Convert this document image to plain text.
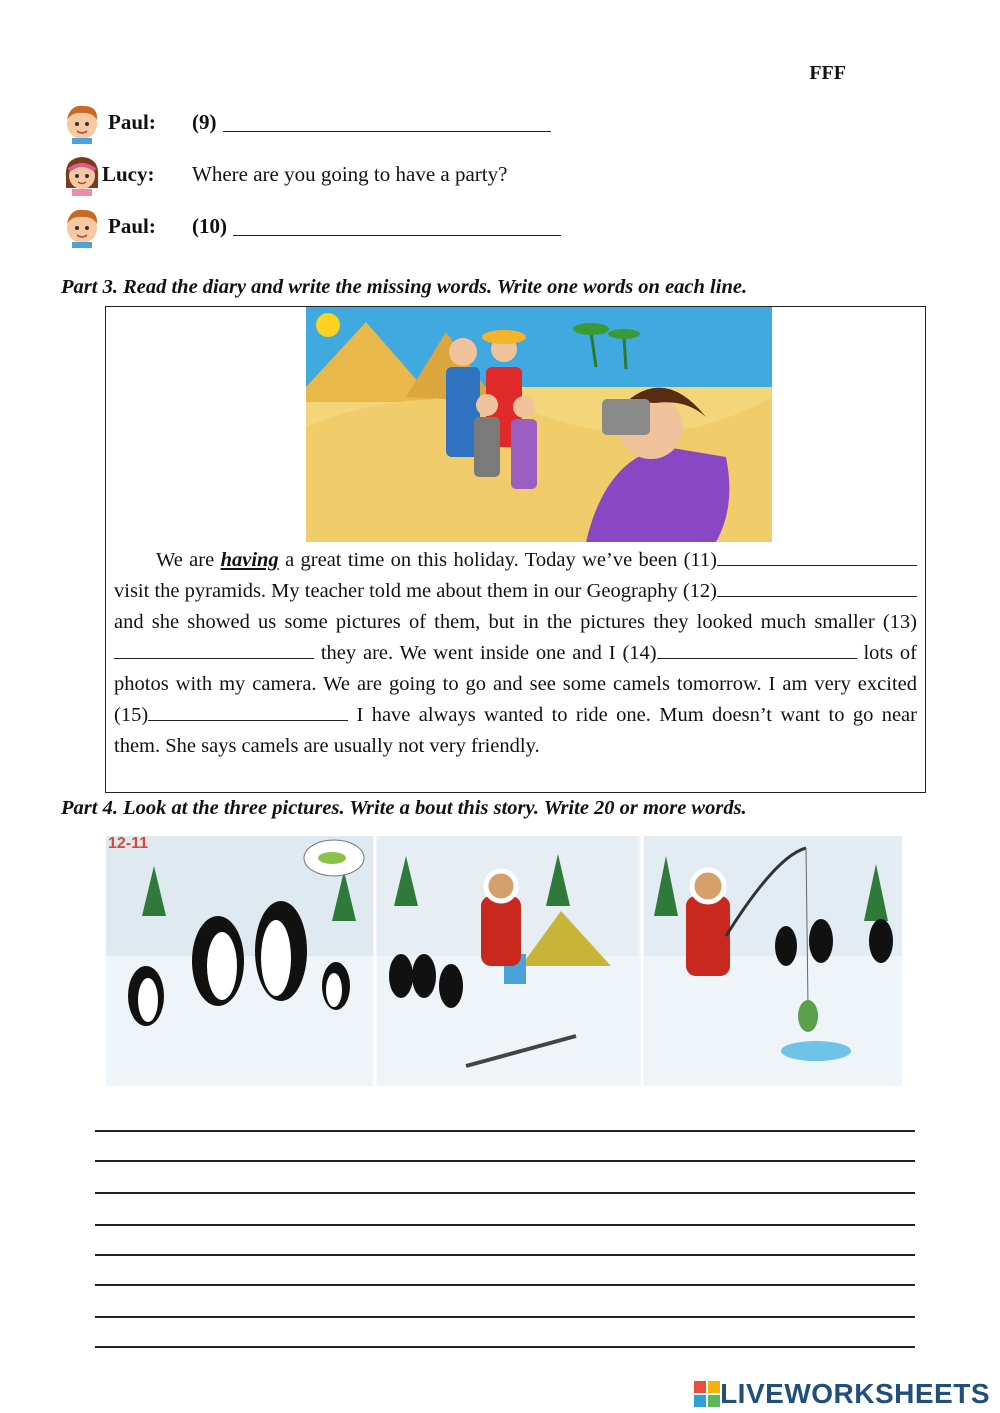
FFF
Paul:	(9)
Lucy:	Where are you going to have a party?
Paul:	(10)
Part 3. Read the diary and write the missing words. Write one words on each line.

We are having a great time on this holiday. Today we’ve been (11)visit the pyramids. My teacher told me about them in our Geography (12) and she showed us some pictures of them, but in the pictures they looked much smaller (13) they are. We went inside one and I (14)	lots of photos with my camera. We are going to go and see some camels tomorrow. I am very excited (15)	I have always wanted to ride one. Mum doesn’t want to go near them. She says camels are usually not very friendly.

Part 4. Look at the three pictures. Write a bout this story. Write 20 or more words.
12-11
LIVEWORKSHEETS
